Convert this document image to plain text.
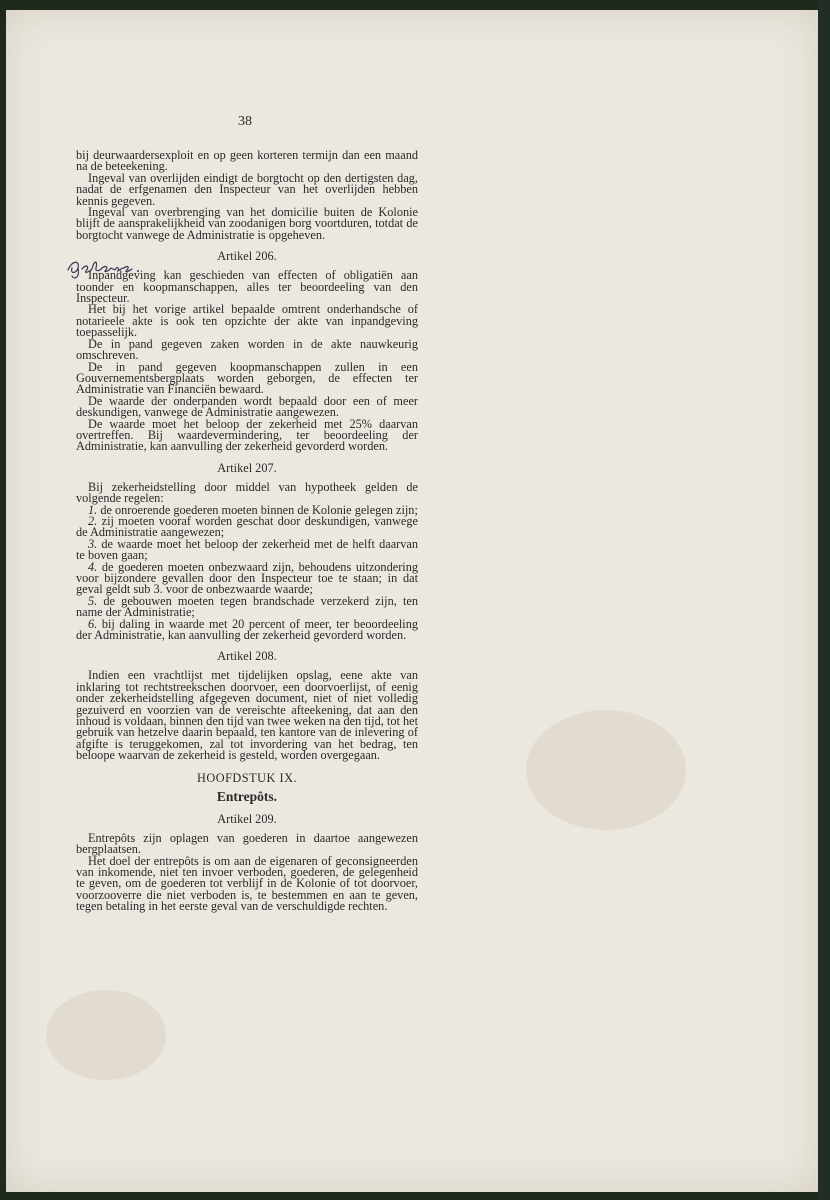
38

bij deurwaardersexploit en op geen korteren termijn dan een maand na de beteekening.

Ingeval van overlijden eindigt de borgtocht op den dertigsten dag, nadat de erfgenamen den Inspecteur van het overlijden hebben kennis gegeven.

Ingeval van overbrenging van het domicilie buiten de Kolonie blijft de aansprakelijkheid van zoodanigen borg voortduren, totdat de borgtocht vanwege de Administratie is opgeheven.

Artikel 206.

Inpandgeving kan geschieden van effecten of obligatiën aan toonder en koopmanschappen, alles ter beoordeeling van den Inspecteur.

Het bij het vorige artikel bepaalde omtrent onderhandsche of notarieele akte is ook ten opzichte der akte van inpandgeving toepasselijk.

De in pand gegeven zaken worden in de akte nauwkeurig omschreven.

De in pand gegeven koopmanschappen zullen in een Gouvernementsbergplaats worden geborgen, de effecten ter Administratie van Financiën bewaard.

De waarde der onderpanden wordt bepaald door een of meer deskundigen, vanwege de Administratie aangewezen.

De waarde moet het beloop der zekerheid met 25% daarvan overtreffen. Bij waardevermindering, ter beoordeeling der Administratie, kan aanvulling der zekerheid gevorderd worden.

Artikel 207.

Bij zekerheidstelling door middel van hypotheek gelden de volgende regelen:

1. de onroerende goederen moeten binnen de Kolonie gelegen zijn;

2. zij moeten vooraf worden geschat door deskundigen, vanwege de Administratie aangewezen;

3. de waarde moet het beloop der zekerheid met de helft daarvan te boven gaan;

4. de goederen moeten onbezwaard zijn, behoudens uitzondering voor bijzondere gevallen door den Inspecteur toe te staan; in dat geval geldt sub 3. voor de onbezwaarde waarde;

5. de gebouwen moeten tegen brandschade verzekerd zijn, ten name der Administratie;

6. bij daling in waarde met 20 percent of meer, ter beoordeeling der Administratie, kan aanvulling der zekerheid gevorderd worden.

Artikel 208.

Indien een vrachtlijst met tijdelijken opslag, eene akte van inklaring tot rechtstreekschen doorvoer, een doorvoerlijst, of eenig onder zekerheidstelling afgegeven document, niet of niet volledig gezuiverd en voorzien van de vereischte afteekening, dat aan den inhoud is voldaan, binnen den tijd van twee weken na den tijd, tot het gebruik van hetzelve daarin bepaald, ten kantore van de inlevering of afgifte is teruggekomen, zal tot invordering van het bedrag, ten beloope waarvan de zekerheid is gesteld, worden overgegaan.

HOOFDSTUK IX.
Entrepôts.
Artikel 209.

Entrepôts zijn oplagen van goederen in daartoe aangewezen bergplaatsen.

Het doel der entrepôts is om aan de eigenaren of geconsigneerden van inkomende, niet ten invoer verboden, goederen, de gelegenheid te geven, om de goederen tot verblijf in de Kolonie of tot doorvoer, voorzooverre die niet verboden is, te bestemmen en aan te geven, tegen betaling in het eerste geval van de verschuldigde rechten.
